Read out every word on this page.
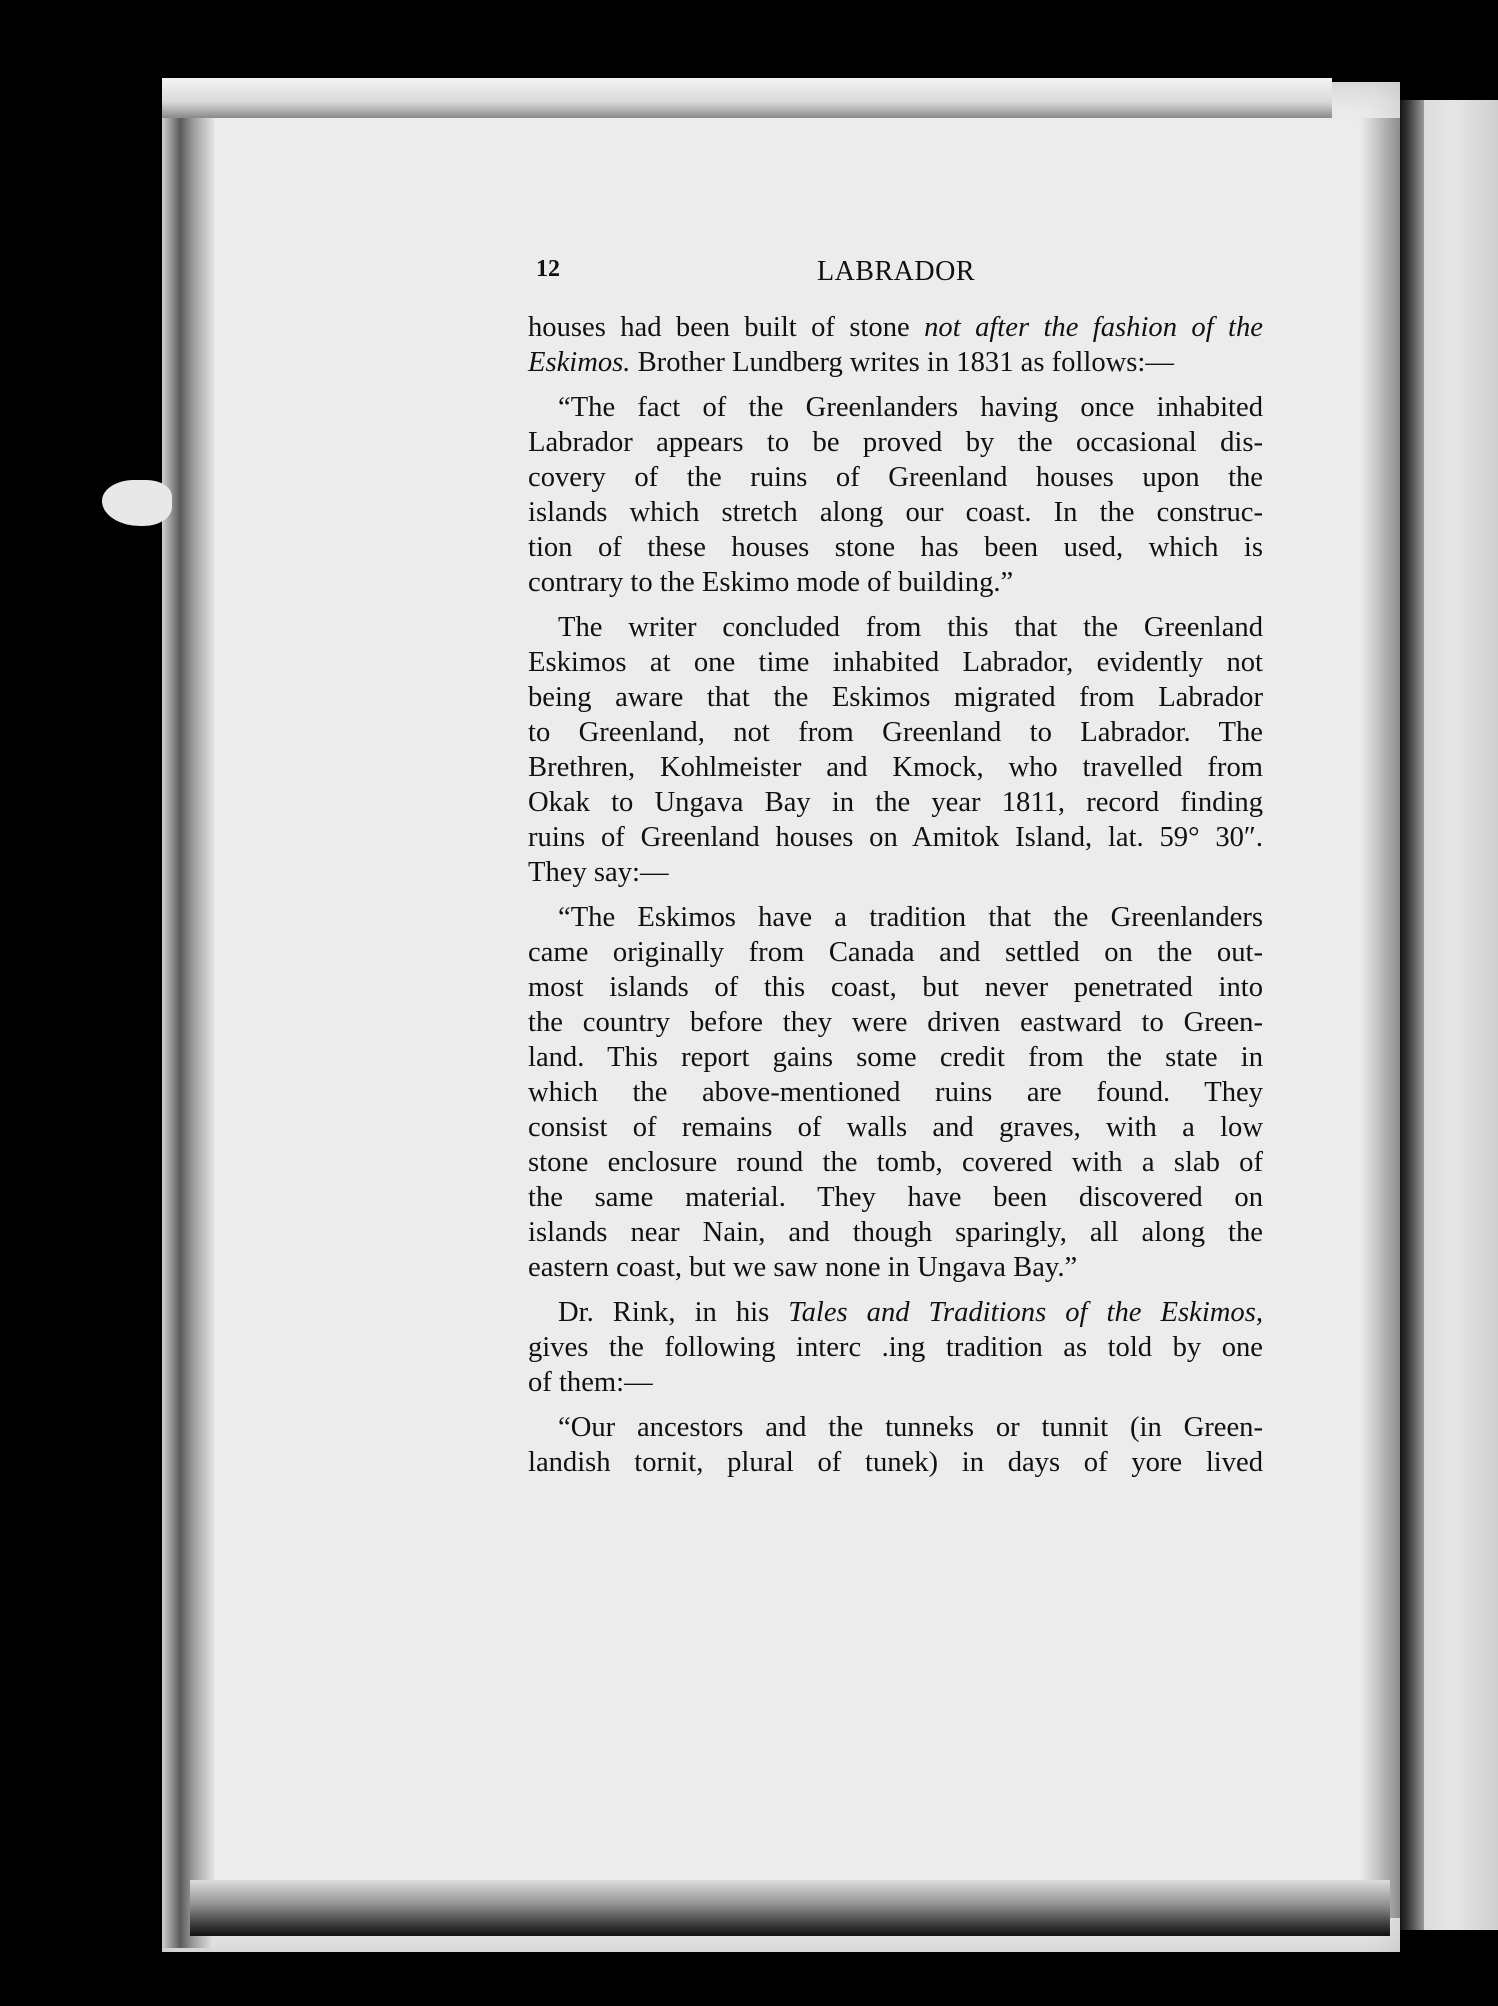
12	LABRADOR
houses had been built of stone not after the fashion of the
Eskimos. Brother Lundberg writes in 1831 as follows:—
“The fact of the Greenlanders having once inhabited
Labrador appears to be proved by the occasional dis-
covery of the ruins of Greenland houses upon the
islands which stretch along our coast. In the construc-
tion of these houses stone has been used, which is
contrary to the Eskimo mode of building.”
The writer concluded from this that the Greenland
Eskimos at one time inhabited Labrador, evidently not
being aware that the Eskimos migrated from Labrador
to Greenland, not from Greenland to Labrador. The
Brethren, Kohlmeister and Kmock, who travelled from
Okak to Ungava Bay in the year 1811, record finding
ruins of Greenland houses on Amitok Island, lat. 59° 30″.
They say:—
“The Eskimos have a tradition that the Greenlanders
came originally from Canada and settled on the out-
most islands of this coast, but never penetrated into
the country before they were driven eastward to Green-
land. This report gains some credit from the state in
which the above-mentioned ruins are found. They
consist of remains of walls and graves, with a low
stone enclosure round the tomb, covered with a slab of
the same material. They have been discovered on
islands near Nain, and though sparingly, all along the
eastern coast, but we saw none in Ungava Bay.”
Dr. Rink, in his Tales and Traditions of the Eskimos,
gives the following interc .ing tradition as told by one
of them:—
“Our ancestors and the tunneks or tunnit (in Green-
landish tornit, plural of tunek) in days of yore lived
